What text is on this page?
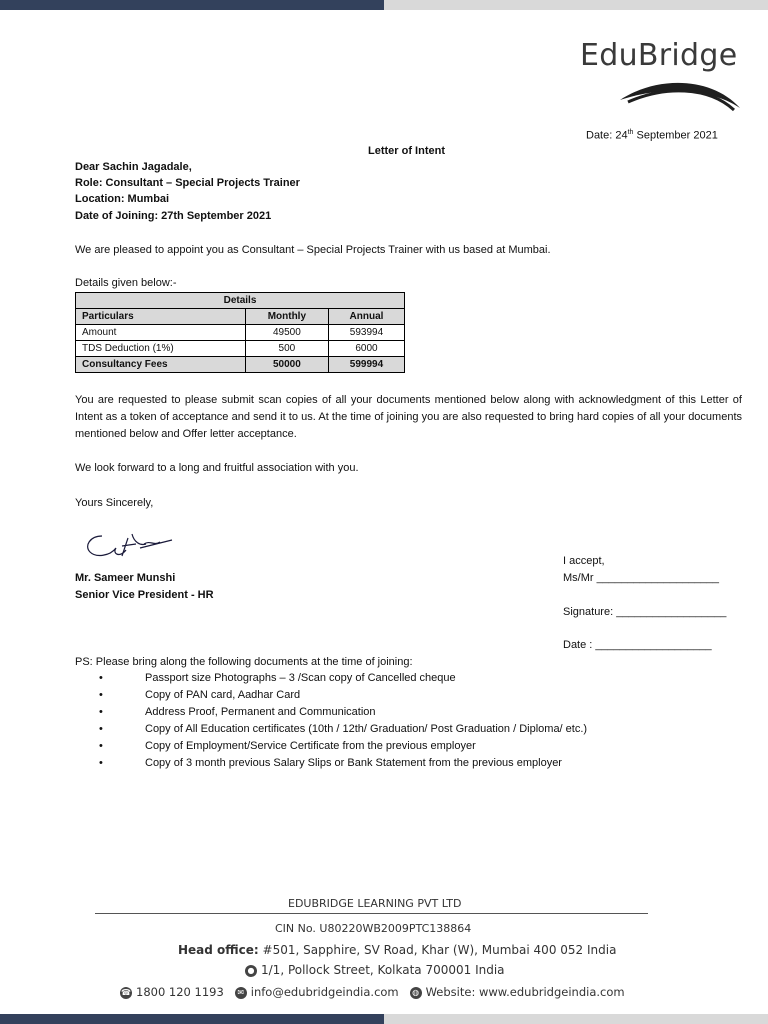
EduBridge
Date: 24th September 2021
Letter of Intent
Dear Sachin Jagadale,
Role: Consultant – Special Projects Trainer
Location: Mumbai
Date of Joining: 27th September 2021
We are pleased to appoint you as Consultant – Special Projects Trainer with us based at Mumbai.
Details given below:-
Details		
Particulars	Monthly	Annual
Amount	49500	593994
TDS Deduction (1%)	500	6000
Consultancy Fees	50000	599994
You are requested to please submit scan copies of all your documents mentioned below along with acknowledgment of this Letter of Intent as a token of acceptance and send it to us. At the time of joining you are also requested to bring hard copies of all your documents mentioned below and Offer letter acceptance.
We look forward to a long and fruitful association with you.
Yours Sincerely,
I accept,
Mr. Sameer Munshi	Ms/Mr ____________________
Senior Vice President - HR
Signature: __________________
Date : ___________________
PS: Please bring along the following documents at the time of joining:
•	Passport size Photographs – 3 /Scan copy of Cancelled cheque
•	Copy of PAN card, Aadhar Card
•	Address Proof, Permanent and Communication
•	Copy of All Education certificates (10th / 12th/ Graduation/ Post Graduation / Diploma/ etc.)
•	Copy of Employment/Service Certificate from the previous employer
•	Copy of 3 month previous Salary Slips or Bank Statement from the previous employer
EDUBRIDGE LEARNING PVT LTD
CIN No. U80220WB2009PTC138864
Head office: #501, Sapphire, SV Road, Khar (W), Mumbai 400 052 India
● 1/1, Pollock Street, Kolkata 700001 India
☎ 1800 120 1193 ✉ info@edubridgeindia.com ◍ Website: www.edubridgeindia.com
